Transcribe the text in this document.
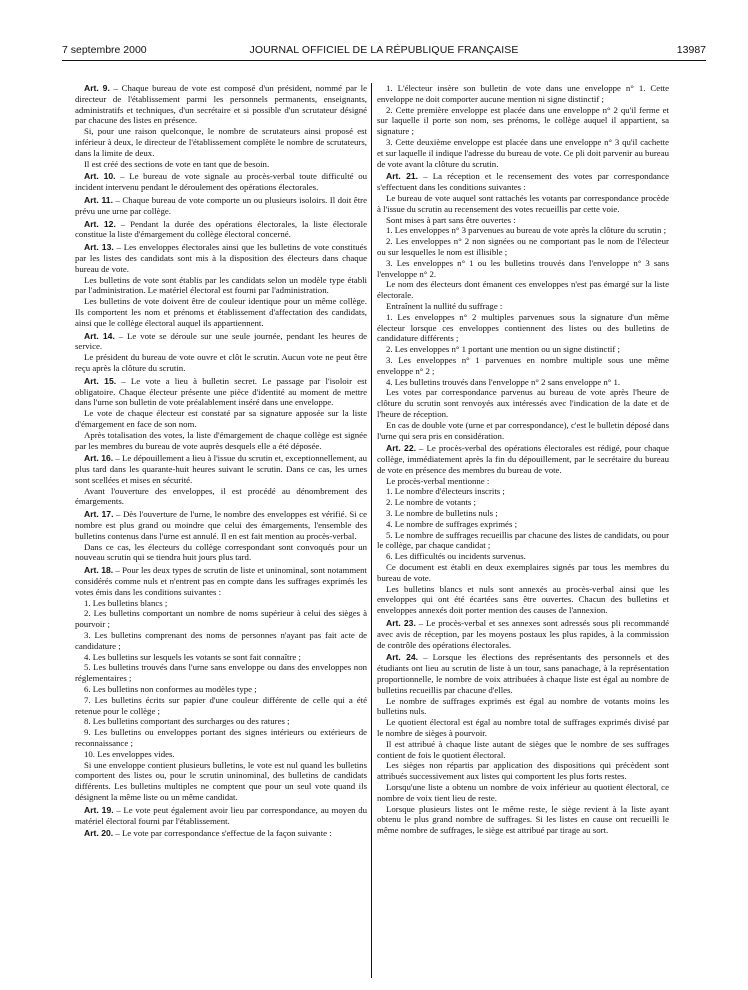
7 septembre 2000	JOURNAL OFFICIEL DE LA RÉPUBLIQUE FRANÇAISE	13987

Art. 9. – Chaque bureau de vote est composé d'un président, nommé par le directeur de l'établissement parmi les personnels permanents, enseignants, administratifs et techniques, d'un secrétaire et si possible d'un scrutateur désigné par chacune des listes en présence.

Si, pour une raison quelconque, le nombre de scrutateurs ainsi proposé est inférieur à deux, le directeur de l'établissement complète le nombre de scrutateurs, dans la limite de deux.

Il est créé des sections de vote en tant que de besoin.

Art. 10. – Le bureau de vote signale au procès-verbal toute difficulté ou incident intervenu pendant le déroulement des opérations électorales.

Art. 11. – Chaque bureau de vote comporte un ou plusieurs isoloirs. Il doit être prévu une urne par collège.

Art. 12. – Pendant la durée des opérations électorales, la liste électorale constitue la liste d'émargement du collège électoral concerné.

Art. 13. – Les enveloppes électorales ainsi que les bulletins de vote constitués par les listes des candidats sont mis à la disposition des électeurs dans chaque bureau de vote.

Les bulletins de vote sont établis par les candidats selon un modèle type établi par l'administration. Le matériel électoral est fourni par l'administration.

Les bulletins de vote doivent être de couleur identique pour un même collège. Ils comportent les nom et prénoms et établissement d'affectation des candidats, ainsi que le collège électoral auquel ils appartiennent.

Art. 14. – Le vote se déroule sur une seule journée, pendant les heures de service.

Le président du bureau de vote ouvre et clôt le scrutin. Aucun vote ne peut être reçu après la clôture du scrutin.

Art. 15. – Le vote a lieu à bulletin secret. Le passage par l'isoloir est obligatoire. Chaque électeur présente une pièce d'identité au moment de mettre dans l'urne son bulletin de vote préalablement inséré dans une enveloppe.

Le vote de chaque électeur est constaté par sa signature apposée sur la liste d'émargement en face de son nom.

Après totalisation des votes, la liste d'émargement de chaque collège est signée par les membres du bureau de vote auprès desquels elle a été déposée.

Art. 16. – Le dépouillement a lieu à l'issue du scrutin et, exceptionnellement, au plus tard dans les quarante-huit heures suivant le scrutin. Dans ce cas, les urnes sont scellées et mises en sécurité.

Avant l'ouverture des enveloppes, il est procédé au dénombrement des émargements.

Art. 17. – Dès l'ouverture de l'urne, le nombre des enveloppes est vérifié. Si ce nombre est plus grand ou moindre que celui des émargements, l'ensemble des bulletins contenus dans l'urne est annulé. Il en est fait mention au procès-verbal.

Dans ce cas, les électeurs du collège correspondant sont convoqués pour un nouveau scrutin qui se tiendra huit jours plus tard.

Art. 18. – Pour les deux types de scrutin de liste et uninominal, sont notamment considérés comme nuls et n'entrent pas en compte dans les suffrages exprimés les votes émis dans les conditions suivantes :

1. Les bulletins blancs ;

2. Les bulletins comportant un nombre de noms supérieur à celui des sièges à pourvoir ;

3. Les bulletins comprenant des noms de personnes n'ayant pas fait acte de candidature ;

4. Les bulletins sur lesquels les votants se sont fait connaître ;

5. Les bulletins trouvés dans l'urne sans enveloppe ou dans des enveloppes non réglementaires ;

6. Les bulletins non conformes au modèles type ;

7. Les bulletins écrits sur papier d'une couleur différente de celle qui a été retenue pour le collège ;

8. Les bulletins comportant des surcharges ou des ratures ;

9. Les bulletins ou enveloppes portant des signes intérieurs ou extérieurs de reconnaissance ;

10. Les enveloppes vides.

Si une enveloppe contient plusieurs bulletins, le vote est nul quand les bulletins comportent des listes ou, pour le scrutin uninominal, des bulletins de candidats différents. Les bulletins multiples ne comptent que pour un seul vote quand ils désignent la même liste ou un même candidat.

Art. 19. – Le vote peut également avoir lieu par correspondance, au moyen du matériel électoral fourni par l'établissement.

Art. 20. – Le vote par correspondance s'effectue de la façon suivante :

1. L'électeur insère son bulletin de vote dans une enveloppe n° 1. Cette enveloppe ne doit comporter aucune mention ni signe distinctif ;

2. Cette première enveloppe est placée dans une enveloppe n° 2 qu'il ferme et sur laquelle il porte son nom, ses prénoms, le collège auquel il appartient, sa signature ;

3. Cette deuxième enveloppe est placée dans une enveloppe n° 3 qu'il cachette et sur laquelle il indique l'adresse du bureau de vote. Ce pli doit parvenir au bureau de vote avant la clôture du scrutin.

Art. 21. – La réception et le recensement des votes par correspondance s'effectuent dans les conditions suivantes :

Le bureau de vote auquel sont rattachés les votants par correspondance procède à l'issue du scrutin au recensement des votes recueillis par cette voie.

Sont mises à part sans être ouvertes :

1. Les enveloppes n° 3 parvenues au bureau de vote après la clôture du scrutin ;

2. Les enveloppes n° 2 non signées ou ne comportant pas le nom de l'électeur ou sur lesquelles le nom est illisible ;

3. Les enveloppes n° 1 ou les bulletins trouvés dans l'enveloppe n° 3 sans l'enveloppe n° 2.

Le nom des électeurs dont émanent ces enveloppes n'est pas émargé sur la liste électorale.

Entraînent la nullité du suffrage :

1. Les enveloppes n° 2 multiples parvenues sous la signature d'un même électeur lorsque ces enveloppes contiennent des listes ou des bulletins de candidature différents ;

2. Les enveloppes n° 1 portant une mention ou un signe distinctif ;

3. Les enveloppes n° 1 parvenues en nombre multiple sous une même enveloppe n° 2 ;

4. Les bulletins trouvés dans l'enveloppe n° 2 sans enveloppe n° 1.

Les votes par correspondance parvenus au bureau de vote après l'heure de clôture du scrutin sont renvoyés aux intéressés avec l'indication de la date et de l'heure de réception.

En cas de double vote (urne et par correspondance), c'est le bulletin déposé dans l'urne qui sera pris en considération.

Art. 22. – Le procès-verbal des opérations électorales est rédigé, pour chaque collège, immédiatement après la fin du dépouillement, par le secrétaire du bureau de vote en présence des membres du bureau de vote.

Le procès-verbal mentionne :

1. Le nombre d'électeurs inscrits ;

2. Le nombre de votants ;

3. Le nombre de bulletins nuls ;

4. Le nombre de suffrages exprimés ;

5. Le nombre de suffrages recueillis par chacune des listes de candidats, ou pour le collège, par chaque candidat ;

6. Les difficultés ou incidents survenus.

Ce document est établi en deux exemplaires signés par tous les membres du bureau de vote.

Les bulletins blancs et nuls sont annexés au procès-verbal ainsi que les enveloppes qui ont été écartées sans être ouvertes. Chacun des bulletins et enveloppes annexés doit porter mention des causes de l'annexion.

Art. 23. – Le procès-verbal et ses annexes sont adressés sous pli recommandé avec avis de réception, par les moyens postaux les plus rapides, à la commission de contrôle des opérations électorales.

Art. 24. – Lorsque les élections des représentants des personnels et des étudiants ont lieu au scrutin de liste à un tour, sans panachage, à la représentation proportionnelle, le nombre de voix attribuées à chaque liste est égal au nombre de bulletins recueillis par chacune d'elles.

Le nombre de suffrages exprimés est égal au nombre de votants moins les bulletins nuls.

Le quotient électoral est égal au nombre total de suffrages exprimés divisé par le nombre de sièges à pourvoir.

Il est attribué à chaque liste autant de sièges que le nombre de ses suffrages contient de fois le quotient électoral.

Les sièges non répartis par application des dispositions qui précèdent sont attribués successivement aux listes qui comportent les plus forts restes.

Lorsqu'une liste a obtenu un nombre de voix inférieur au quotient électoral, ce nombre de voix tient lieu de reste.

Lorsque plusieurs listes ont le même reste, le siège revient à la liste ayant obtenu le plus grand nombre de suffrages. Si les listes en cause ont recueilli le même nombre de suffrages, le siège est attribué par tirage au sort.
